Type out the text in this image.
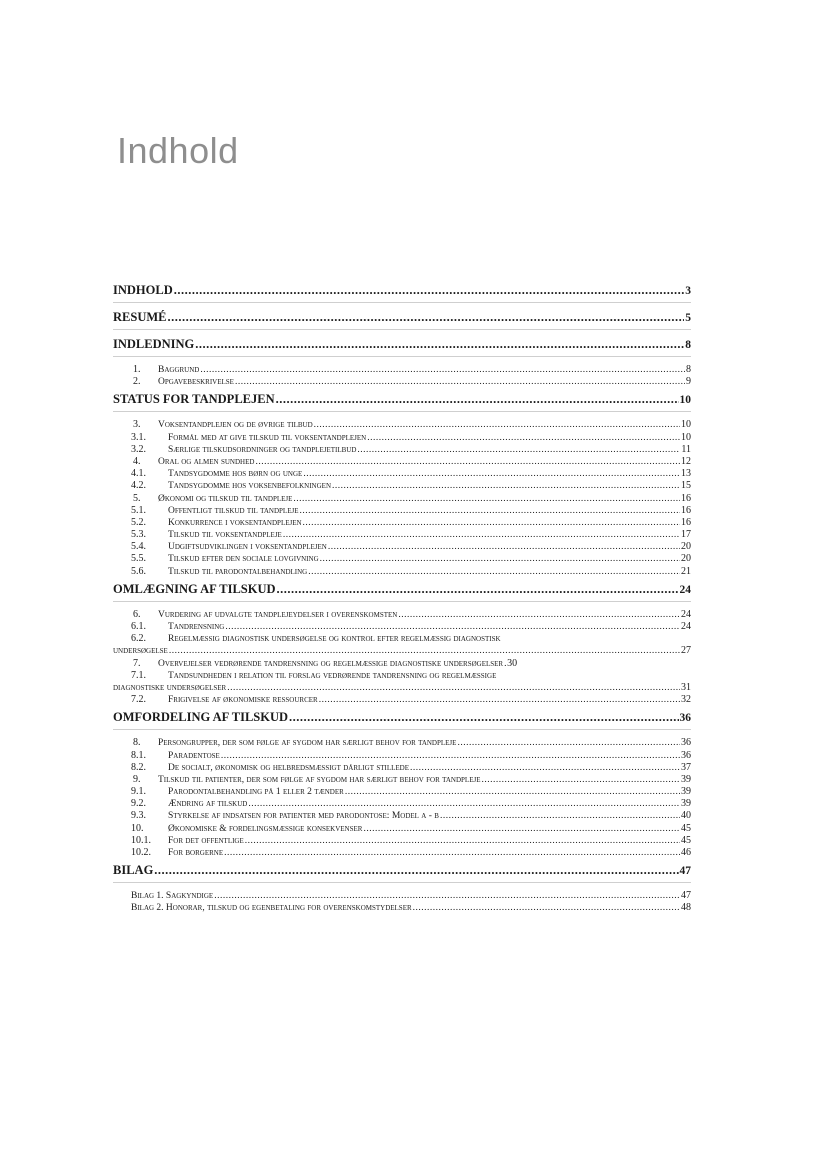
Indhold
INDHOLD .....	3
RESUMÉ .....	5
INDLEDNING .....	8
1.	Baggrund .....	8
2.	Opgavebeskrivelse .....	9
STATUS FOR TANDPLEJEN .....	10
3.	Voksentandplejen og de øvrige tilbud .....	10
3.1.	Formål med at give tilskud til voksentandplejen .....	10
3.2.	Særlige tilskudsordninger og tandplejetilbud .....	11
4.	Oral og almen sundhed .....	12
4.1.	Tandsygdomme hos børn og unge .....	13
4.2.	Tandsygdomme hos voksenbefolkningen .....	15
5.	Økonomi og tilskud til tandpleje .....	16
5.1.	Offentligt tilskud til tandpleje .....	16
5.2.	Konkurrence i voksentandplejen .....	16
5.3.	Tilskud til voksentandpleje .....	17
5.4.	Udgiftsudviklingen i voksentandplejen .....	20
5.5.	Tilskud efter den sociale lovgivning .....	20
5.6.	Tilskud til parodontalbehandling .....	21
OMLÆGNING AF TILSKUD .....	24
6.	Vurdering af udvalgte tandplejeydelser i overenskomsten .....	24
6.1.	Tandrensning .....	24
6.2. Regelmæssig diagnostisk undersøgelse og kontrol efter regelmæssig diagnostisk
undersøgelse .....	27
7.	Overvejelser vedrørende tandrensning og regelmæssige diagnostiske undersøgelser ..... 30
7.1. Tandsundheden i relation til forslag vedrørende tandrensning og regelmæssige
diagnostiske undersøgelser .....	31
7.2.	Frigivelse af økonomiske ressourcer .....	32
OMFORDELING AF TILSKUD .....	36
8.	Persongrupper, der som følge af sygdom har særligt behov for tandpleje .....	36
8.1.	Paradentose .....	36
8.2.	De socialt, økonomisk og helbredsmæssigt dårligt stillede .....	37
9.	Tilskud til patienter, der som følge af sygdom har særligt behov for tandpleje .....	39
9.1.	Parodontalbehandling på 1 eller 2 tænder .....	39
9.2.	Ændring af tilskud .....	39
9.3.	Styrkelse af indsatsen for patienter med parodontose: Model a - b .....	40
10.	Økonomiske & fordelingsmæssige konsekvenser .....	45
10.1.	For det offentlige .....	45
10.2.	For borgerne .....	46
BILAG .....	47
Bilag 1. Sagkyndige .....	47
Bilag 2. Honorar, tilskud og egenbetaling for overenskomstydelser .....	48
